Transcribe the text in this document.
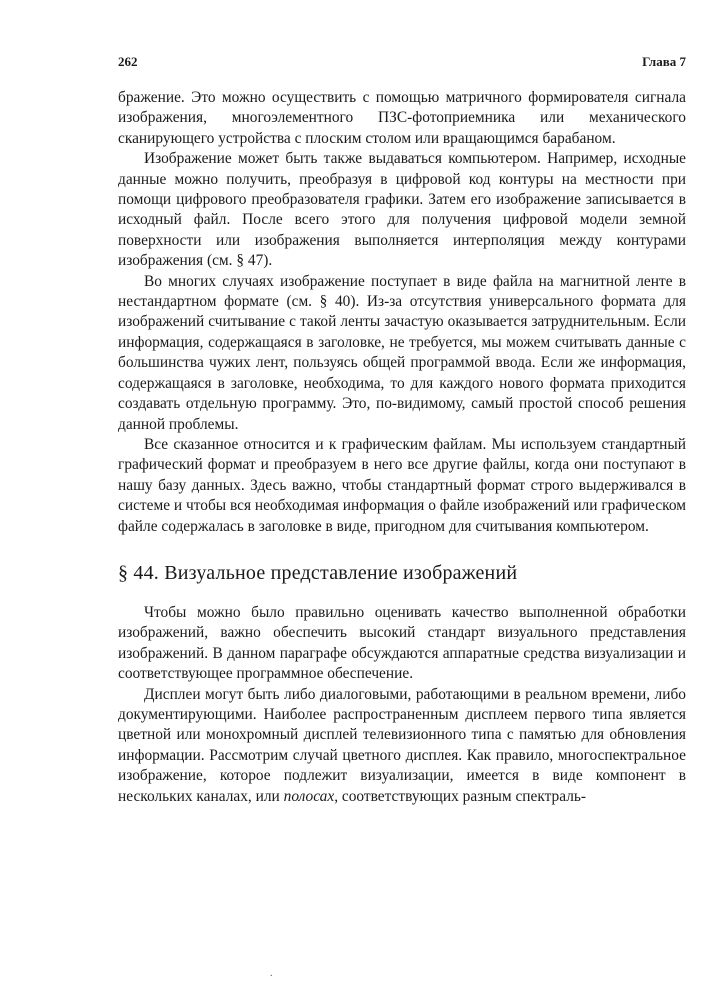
262	Глава 7

бражение. Это можно осуществить с помощью матричного формирователя сигнала изображения, многоэлементного ПЗС-фотоприемника или механического сканирующего устройства с плоским столом или вращающимся барабаном.

Изображение может быть также выдаваться компьютером. Например, исходные данные можно получить, преобразуя в цифровой код контуры на местности при помощи цифрового преобразователя графики. Затем его изображение записывается в исходный файл. После всего этого для получения цифровой модели земной поверхности или изображения выполняется интерполяция между контурами изображения (см. § 47).

Во многих случаях изображение поступает в виде файла на магнитной ленте в нестандартном формате (см. § 40). Из-за отсутствия универсального формата для изображений считывание с такой ленты зачастую оказывается затруднительным. Если информация, содержащаяся в заголовке, не требуется, мы можем считывать данные с большинства чужих лент, пользуясь общей программой ввода. Если же информация, содержащаяся в заголовке, необходима, то для каждого нового формата приходится создавать отдельную программу. Это, по-видимому, самый простой способ решения данной проблемы.

Все сказанное относится и к графическим файлам. Мы используем стандартный графический формат и преобразуем в него все другие файлы, когда они поступают в нашу базу данных. Здесь важно, чтобы стандартный формат строго выдерживался в системе и чтобы вся необходимая информация о файле изображений или графическом файле содержалась в заголовке в виде, пригодном для считывания компьютером.

§ 44. Визуальное представление изображений

Чтобы можно было правильно оценивать качество выполненной обработки изображений, важно обеспечить высокий стандарт визуального представления изображений. В данном параграфе обсуждаются аппаратные средства визуализации и соответствующее программное обеспечение.

Дисплеи могут быть либо диалоговыми, работающими в реальном времени, либо документирующими. Наиболее распространенным дисплеем первого типа является цветной или монохромный дисплей телевизионного типа с памятью для обновления информации. Рассмотрим случай цветного дисплея. Как правило, многоспектральное изображение, которое подлежит визуализации, имеется в виде компонент в нескольких каналах, или полосах, соответствующих разным спектраль-

.
